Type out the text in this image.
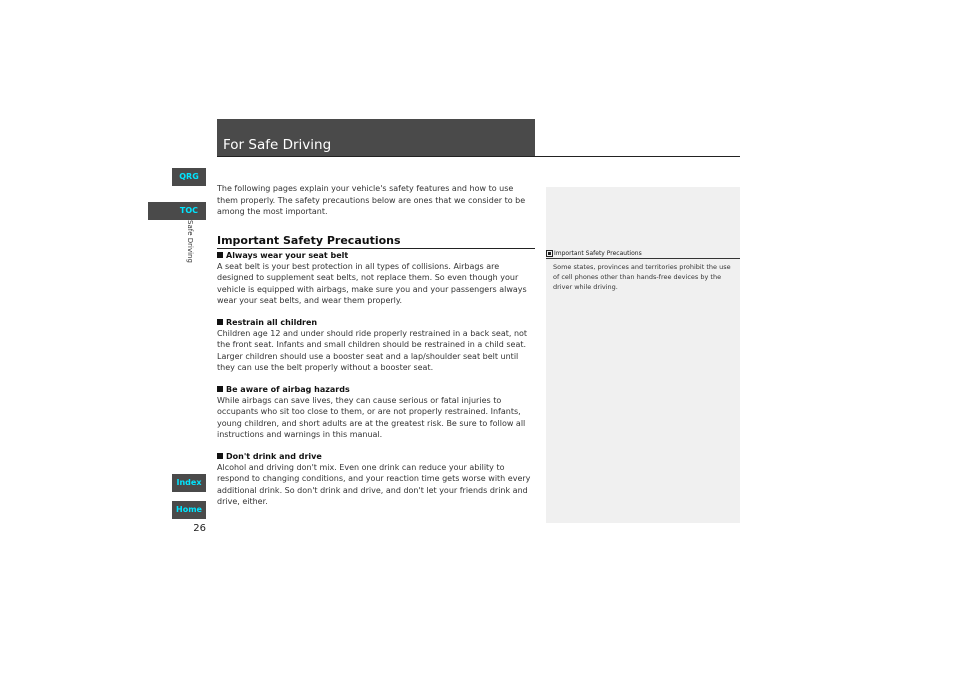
For Safe Driving
QRG
TOC
Safe Driving
Index
Home
26

The following pages explain your vehicle's safety features and how to use them properly. The safety precautions below are ones that we consider to be among the most important.

Important Safety Precautions
Always wear your seat belt

A seat belt is your best protection in all types of collisions. Airbags are designed to supplement seat belts, not replace them. So even though your vehicle is equipped with airbags, make sure you and your passengers always wear your seat belts, and wear them properly.

Restrain all children

Children age 12 and under should ride properly restrained in a back seat, not the front seat. Infants and small children should be restrained in a child seat. Larger children should use a booster seat and a lap/shoulder seat belt until they can use the belt properly without a booster seat.

Be aware of airbag hazards

While airbags can save lives, they can cause serious or fatal injuries to occupants who sit too close to them, or are not properly restrained. Infants, young children, and short adults are at the greatest risk. Be sure to follow all instructions and warnings in this manual.

Don't drink and drive

Alcohol and driving don't mix. Even one drink can reduce your ability to respond to changing conditions, and your reaction time gets worse with every additional drink. So don't drink and drive, and don't let your friends drink and drive, either.

Important Safety Precautions

Some states, provinces and territories prohibit the use of cell phones other than hands-free devices by the driver while driving.
